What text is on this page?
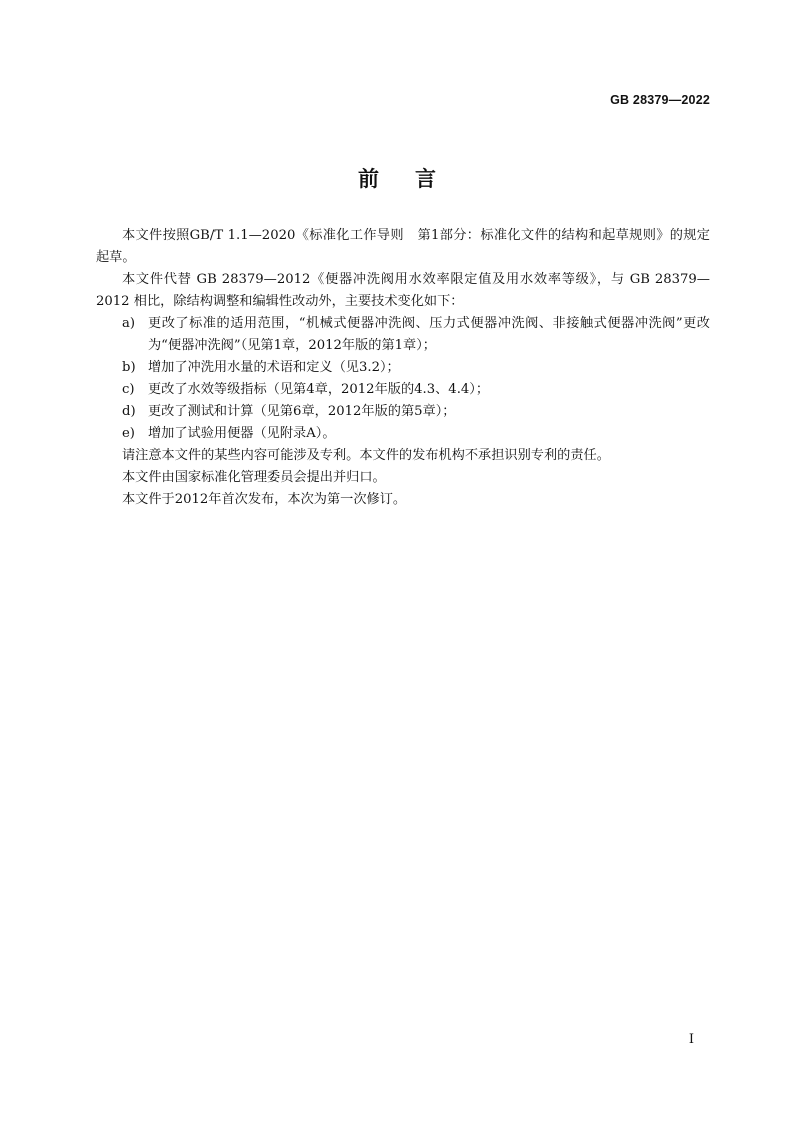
GB 28379—2022
前 言

本文件按照GB/T 1.1—2020《标准化工作导则　第1部分：标准化文件的结构和起草规则》的规定起草。

本文件代替 GB 28379—2012《便器冲洗阀用水效率限定值及用水效率等级》，与 GB 28379—2012 相比，除结构调整和编辑性改动外，主要技术变化如下：

a) 更改了标准的适用范围，“机械式便器冲洗阀、压力式便器冲洗阀、非接触式便器冲洗阀”更改为“便器冲洗阀”（见第1章，2012年版的第1章）；

b) 增加了冲洗用水量的术语和定义（见3.2）；

c) 更改了水效等级指标（见第4章，2012年版的4.3、4.4）；

d) 更改了测试和计算（见第6章，2012年版的第5章）；

e) 增加了试验用便器（见附录A）。

请注意本文件的某些内容可能涉及专利。本文件的发布机构不承担识别专利的责任。

本文件由国家标准化管理委员会提出并归口。

本文件于2012年首次发布，本次为第一次修订。

I
